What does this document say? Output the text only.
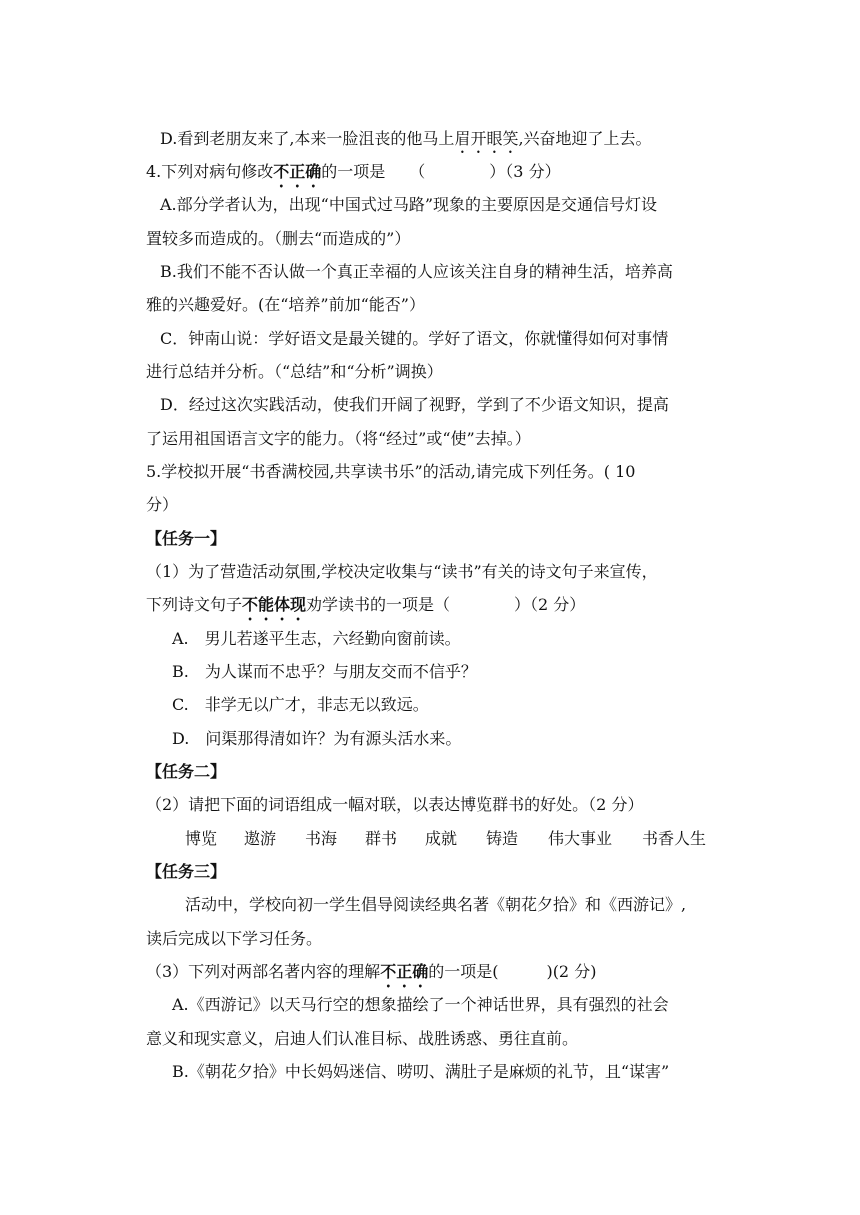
D.看到老朋友来了,本来一脸沮丧的他马上眉开眼笑,兴奋地迎了上去。
4.下列对病句修改不正确的一项是　　（　　　　）（3 分）
A.部分学者认为，出现“中国式过马路”现象的主要原因是交通信号灯设
置较多而造成的。（删去“而造成的”）
B.我们不能不否认做一个真正幸福的人应该关注自身的精神生活，培养高
雅的兴趣爱好。(在“培养”前加“能否”）
C．钟南山说：学好语文是最关键的。学好了语文，你就懂得如何对事情
进行总结并分析。（“总结”和“分析”调换）
D．经过这次实践活动，使我们开阔了视野，学到了不少语文知识，提高
了运用祖国语言文字的能力。（将“经过”或“使”去掉。）
5.学校拟开展“书香满校园,共享读书乐”的活动,请完成下列任务。( 10
分）
【任务一】
（1）为了营造活动氛围,学校决定收集与“读书”有关的诗文句子来宣传，
下列诗文句子不能体现劝学读书的一项是（　　　　）（2 分）
A.　男儿若遂平生志，六经勤向窗前读。
B.　为人谋而不忠乎？与朋友交而不信乎？
C.　非学无以广才，非志无以致远。
D.　问渠那得清如许？为有源头活水来。
【任务二】
（2）请把下面的词语组成一幅对联，以表达博览群书的好处。（2 分）
博览 遨游 书海 群书 成就 铸造 伟大事业 书香人生
【任务三】
活动中，学校向初一学生倡导阅读经典名著《朝花夕拾》和《西游记》,
读后完成以下学习任务。
（3）下列对两部名著内容的理解不正确的一项是(　　　)(2 分)
A.《西游记》以天马行空的想象描绘了一个神话世界，具有强烈的社会
意义和现实意义，启迪人们认准目标、战胜诱惑、勇往直前。
B.《朝花夕拾》中长妈妈迷信、唠叨、满肚子是麻烦的礼节，且“谋害”
